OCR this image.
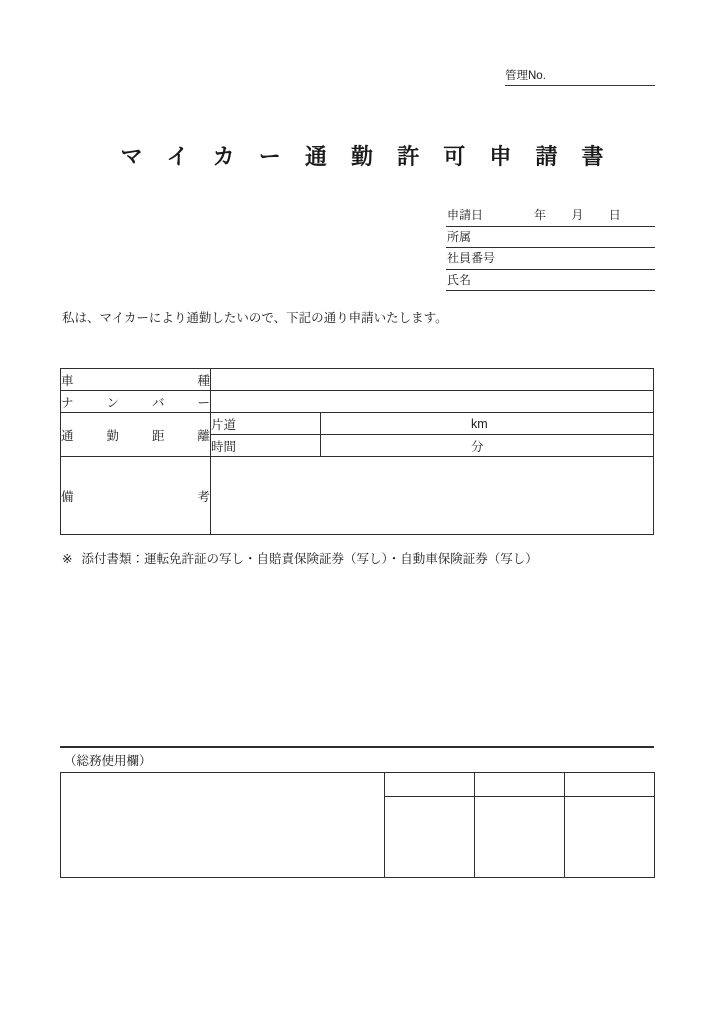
管理No.
マ イ カ ー 通 勤 許 可 申 請 書
申請日	年 月 日
所属
社員番号
氏名
私は、マイカーにより通勤したいので、下記の通り申請いたします。
車　　　　種		
ナ　ン　バ　ー		
通　勤　距　離	片道	km

	時間	分

備　　　　考		
※ 添付書類：運転免許証の写し・自賠責保険証券（写し）・自動車保険証券（写し）
（総務使用欄）
